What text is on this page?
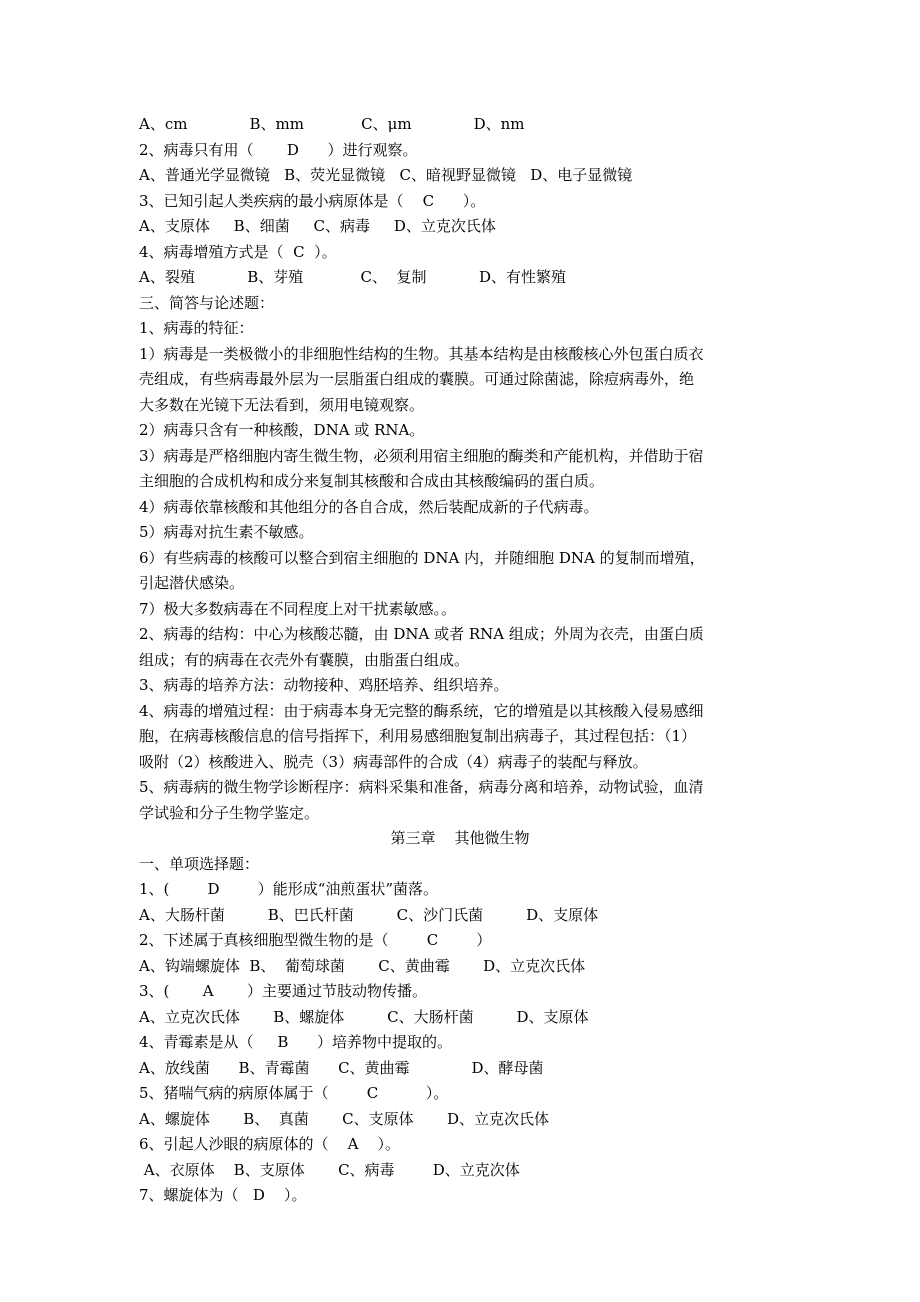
A、cm             B、mm            C、μm             D、nm
2、病毒只有用（       D      ）进行观察。
A、普通光学显微镜   B、荧光显微镜   C、暗视野显微镜   D、电子显微镜
3、已知引起人类疾病的最小病原体是（    C      ）。
A、支原体     B、细菌     C、病毒     D、立克次氏体
4、病毒增殖方式是（  C  ）。
A、裂殖           B、芽殖            C、  复制           D、有性繁殖
三、简答与论述题：
1、病毒的特征：
1）病毒是一类极微小的非细胞性结构的生物。其基本结构是由核酸核心外包蛋白质衣
壳组成，有些病毒最外层为一层脂蛋白组成的囊膜。可通过除菌滤，除痘病毒外，绝
大多数在光镜下无法看到，须用电镜观察。
2）病毒只含有一种核酸，DNA 或 RNA。
3）病毒是严格细胞内寄生微生物，必须利用宿主细胞的酶类和产能机构，并借助于宿
主细胞的合成机构和成分来复制其核酸和合成由其核酸编码的蛋白质。
4）病毒依靠核酸和其他组分的各自合成，然后装配成新的子代病毒。
5）病毒对抗生素不敏感。
6）有些病毒的核酸可以整合到宿主细胞的 DNA 内，并随细胞 DNA 的复制而增殖，
引起潜伏感染。
7）极大多数病毒在不同程度上对干扰素敏感。。
2、病毒的结构：中心为核酸芯髓，由 DNA 或者 RNA 组成；外周为衣壳，由蛋白质
组成；有的病毒在衣壳外有囊膜，由脂蛋白组成。
3、病毒的培养方法：动物接种、鸡胚培养、组织培养。
4、病毒的增殖过程：由于病毒本身无完整的酶系统，它的增殖是以其核酸入侵易感细
胞，在病毒核酸信息的信号指挥下，利用易感细胞复制出病毒子，其过程包括：（1）
吸附（2）核酸进入、脱壳（3）病毒部件的合成（4）病毒子的装配与释放。
5、病毒病的微生物学诊断程序：病料采集和准备，病毒分离和培养，动物试验，血清
学试验和分子生物学鉴定。
第三章    其他微生物
一、单项选择题：
1、(        D        ）能形成“油煎蛋状”菌落。
A、大肠杆菌         B、巴氏杆菌         C、沙门氏菌         D、支原体
2、下述属于真核细胞型微生物的是（        C        ）
A、钩端螺旋体  B、  葡萄球菌       C、黄曲霉       D、立克次氏体
3、(       A       ）主要通过节肢动物传播。
A、立克次氏体       B、螺旋体         C、大肠杆菌         D、支原体
4、青霉素是从（     B      ）培养物中提取的。
A、放线菌      B、青霉菌      C、黄曲霉             D、酵母菌
5、猪喘气病的病原体属于（        C          ）。
A、螺旋体       B、  真菌       C、支原体       D、立克次氏体
6、引起人沙眼的病原体的（    A    ）。
A、衣原体    B、支原体       C、病毒        D、立克次体
7、螺旋体为（   D    ）。
